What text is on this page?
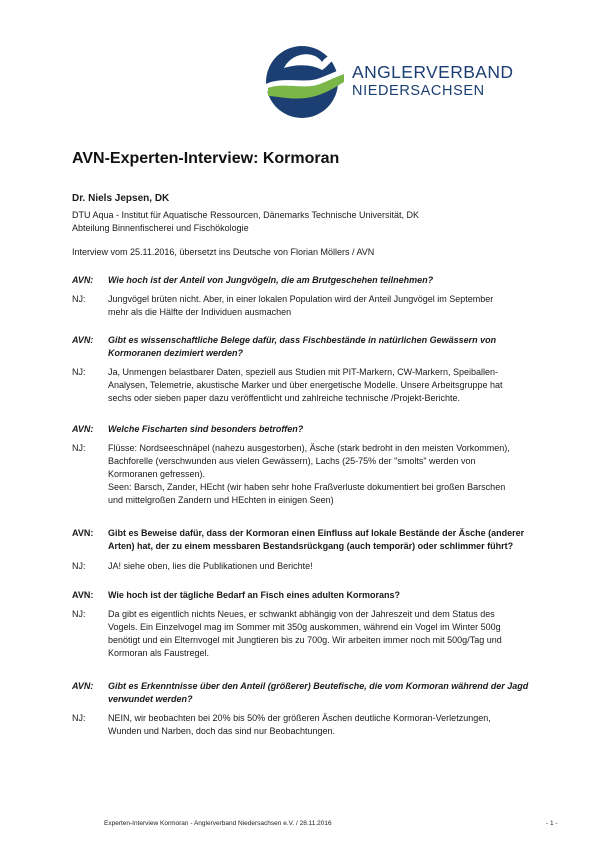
ANGLERVERBAND
NIEDERSACHSEN
AVN-Experten-Interview: Kormoran
Dr. Niels Jepsen, DK
DTU Aqua - Institut für Aquatische Ressourcen, Dänemarks Technische Universität, DK
Abteilung Binnenfischerei und Fischökologie
Interview vom 25.11.2016, übersetzt ins Deutsche von Florian Möllers / AVN
AVN:	Wie hoch ist der Anteil von Jungvögeln, die am Brutgeschehen teilnehmen?
NJ:	Jungvögel brüten nicht. Aber, in einer lokalen Population wird der Anteil Jungvögel im September
mehr als die Hälfte der Individuen ausmachen
AVN:	Gibt es wissenschaftliche Belege dafür, dass Fischbestände in natürlichen Gewässern von
Kormoranen dezimiert werden?
NJ:	Ja, Unmengen belastbarer Daten, speziell aus Studien mit PIT-Markern, CW-Markern, Speiballen-
Analysen, Telemetrie, akustische Marker und über energetische Modelle. Unsere Arbeitsgruppe hat
sechs oder sieben paper dazu veröffentlicht und zahlreiche technische /Projekt-Berichte.
AVN:	Welche Fischarten sind besonders betroffen?
NJ:	Flüsse: Nordseeschnäpel (nahezu ausgestorben), Äsche (stark bedroht in den meisten Vorkommen),
Bachforelle (verschwunden aus vielen Gewässern), Lachs (25-75% der "smolts" werden von
Kormoranen gefressen).
Seen: Barsch, Zander, HEcht (wir haben sehr hohe Fraßverluste dokumentiert bei großen Barschen
und mittelgroßen Zandern und HEchten in einigen Seen)
AVN:	Gibt es Beweise dafür, dass der Kormoran einen Einfluss auf lokale Bestände der Äsche (anderer
Arten) hat, der zu einem messbaren Bestandsrückgang (auch temporär) oder schlimmer führt?
NJ:	JA! siehe oben, lies die Publikationen und Berichte!
AVN:	Wie hoch ist der tägliche Bedarf an Fisch eines adulten Kormorans?
NJ:	Da gibt es eigentlich nichts Neues, er schwankt abhängig von der Jahreszeit und dem Status des
Vogels. Ein Einzelvogel mag im Sommer mit 350g auskommen, während ein Vogel im Winter 500g
benötigt und ein Elternvogel mit Jungtieren bis zu 700g. Wir arbeiten immer noch mit 500g/Tag und
Kormoran als Faustregel.
AVN:	Gibt es Erkenntnisse über den Anteil (größerer) Beutefische, die vom Kormoran während der Jagd
verwundet werden?
NJ:	NEIN, wir beobachten bei 20% bis 50% der größeren Äschen deutliche Kormoran-Verletzungen,
Wunden und Narben, doch das sind nur Beobachtungen.
Experten-Interview Kormoran - Anglerverband Niedersachsen e.V. / 28.11.2016	- 1 -
